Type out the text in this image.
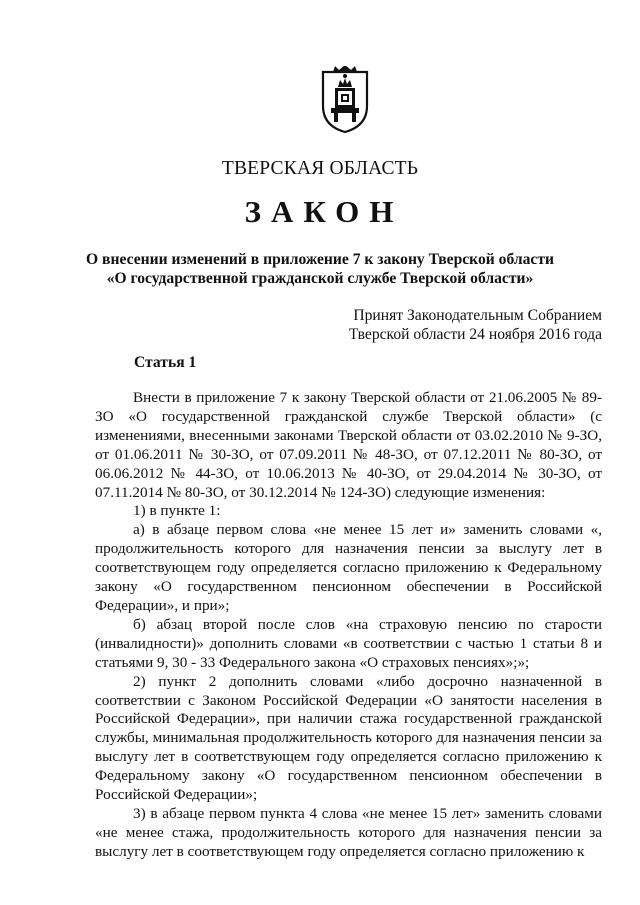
ТВЕРСКАЯ ОБЛАСТЬ
ЗАКОН
О внесении изменений в приложение 7 к закону Тверской области
«О государственной гражданской службе Тверской области»
Принят Законодательным Собранием
Тверской области 24 ноября 2016 года
Статья 1

Внести в приложение 7 к закону Тверской области от 21.06.2005 № 89-ЗО «О государственной гражданской службе Тверской области» (с изменениями, внесенными законами Тверской области от 03.02.2010 № 9-ЗО, от 01.06.2011 № 30-ЗО, от 07.09.2011 № 48-ЗО, от 07.12.2011 № 80-ЗО, от 06.06.2012 № 44-ЗО, от 10.06.2013 № 40-ЗО, от 29.04.2014 № 30-ЗО, от 07.11.2014 № 80-ЗО, от 30.12.2014 № 124-ЗО) следующие изменения:

1) в пункте 1:

а) в абзаце первом слова «не менее 15 лет и» заменить словами «, продолжительность которого для назначения пенсии за выслугу лет в соответствующем году определяется согласно приложению к Федеральному закону «О государственном пенсионном обеспечении в Российской Федерации», и при»;

б) абзац второй после слов «на страховую пенсию по старости (инвалидности)» дополнить словами «в соответствии с частью 1 статьи 8 и статьями 9, 30 - 33 Федерального закона «О страховых пенсиях»;»;

2) пункт 2 дополнить словами «либо досрочно назначенной в соответствии с Законом Российской Федерации «О занятости населения в Российской Федерации», при наличии стажа государственной гражданской службы, минимальная продолжительность которого для назначения пенсии за выслугу лет в соответствующем году определяется согласно приложению к Федеральному закону «О государственном пенсионном обеспечении в Российской Федерации»;

3) в абзаце первом пункта 4 слова «не менее 15 лет» заменить словами «не менее стажа, продолжительность которого для назначения пенсии за выслугу лет в соответствующем году определяется согласно приложению к
